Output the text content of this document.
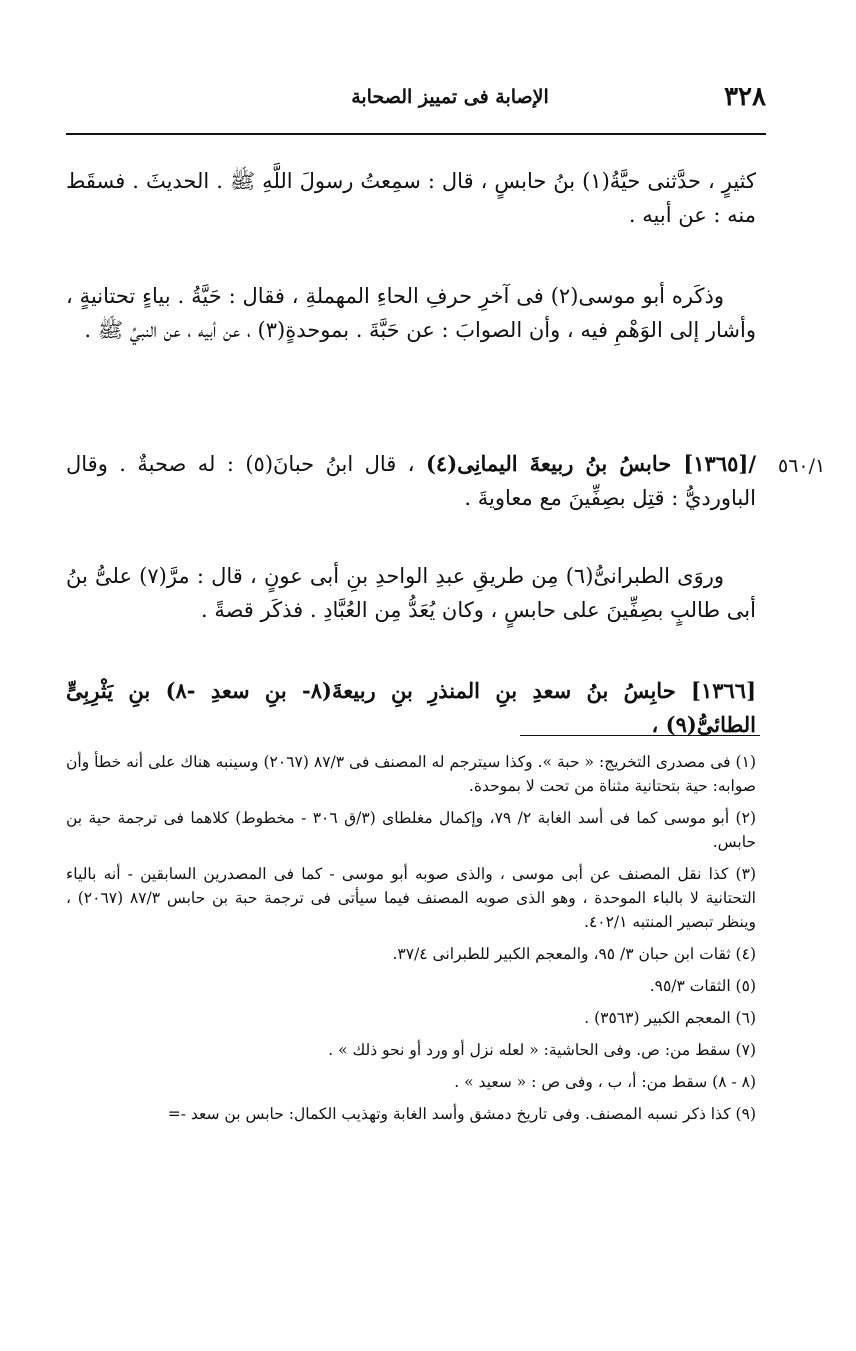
٣٢٨
الإصابة فى تمييز الصحابة
كثيرٍ ، حدَّثنى حيَّةُ(١) بنُ حابسٍ ، قال : سمِعتُ رسولَ اللَّهِ ﷺ . الحديثَ . فسقَط منه : عن أبيه .
وذكَره أبو موسى(٢) فى آخرِ حرفِ الحاءِ المهملةِ ، فقال : حَيَّةُ . بياءٍ تحتانيةٍ ، وأشار إلى الوَهْمِ فيه ، وأن الصوابَ : عن حَبَّةَ . بموحدةٍ(٣) ، عن أبيه ، عن النبيِّ ﷺ .
٥٦٠/١
/[١٣٦٥] حابسُ بنُ ربيعةَ اليمانِى(٤) ، قال ابنُ حبانَ(٥) : له صحبةٌ . وقال الباورديُّ : قتِل بصِفِّينَ مع معاويةَ .
وروَى الطبرانىُّ(٦) مِن طريقِ عبدِ الواحدِ بنِ أبى عونٍ ، قال : مرَّ(٧) علىُّ بنُ أبى طالبٍ بصِفِّينَ على حابسٍ ، وكان يُعَدُّ مِن العُبَّادِ . فذكَر قصةً .
[١٣٦٦] حابِسُ بنُ سعدِ بنِ المنذرِ بنِ ربيعةَ(٨- بنِ سعدِ -٨) بنِ يَثْرِبِىٍّ الطائىُّ(٩) ،

(١) فى مصدرى التخريج: « حبة ». وكذا سيترجم له المصنف فى ٨٧/٣ (٢٠٦٧) وسينبه هناك على أنه خطأ وأن صوابه: حية بتحتانية مثناة من تحت لا بموحدة.

(٢) أبو موسى كما فى أسد الغابة ٢/ ٧٩، وإكمال مغلطاى (٣/ق ٣٠٦ - مخطوط) كلاهما فى ترجمة حية بن حابس.

(٣) كذا نقل المصنف عن أبى موسى ، والذى صوبه أبو موسى - كما فى المصدرين السابقين - أنه بالياء التحتانية لا بالباء الموحدة ، وهو الذى صوبه المصنف فيما سيأتى فى ترجمة حبة بن حابس ٨٧/٣ (٢٠٦٧) ، وينظر تبصير المنتبه ٤٠٢/١.

(٤) ثقات ابن حبان ٣/ ٩٥، والمعجم الكبير للطبرانى ٣٧/٤.

(٥) الثقات ٩٥/٣.

(٦) المعجم الكبير (٣٥٦٣) .

(٧) سقط من: ص. وفى الحاشية: « لعله نزل أو ورد أو نحو ذلك » .

(٨ - ٨) سقط من: أ، ب ، وفى ص : « سعيد » .

(٩) كذا ذكر نسبه المصنف. وفى تاريخ دمشق وأسد الغابة وتهذيب الكمال: حابس بن سعد -=
